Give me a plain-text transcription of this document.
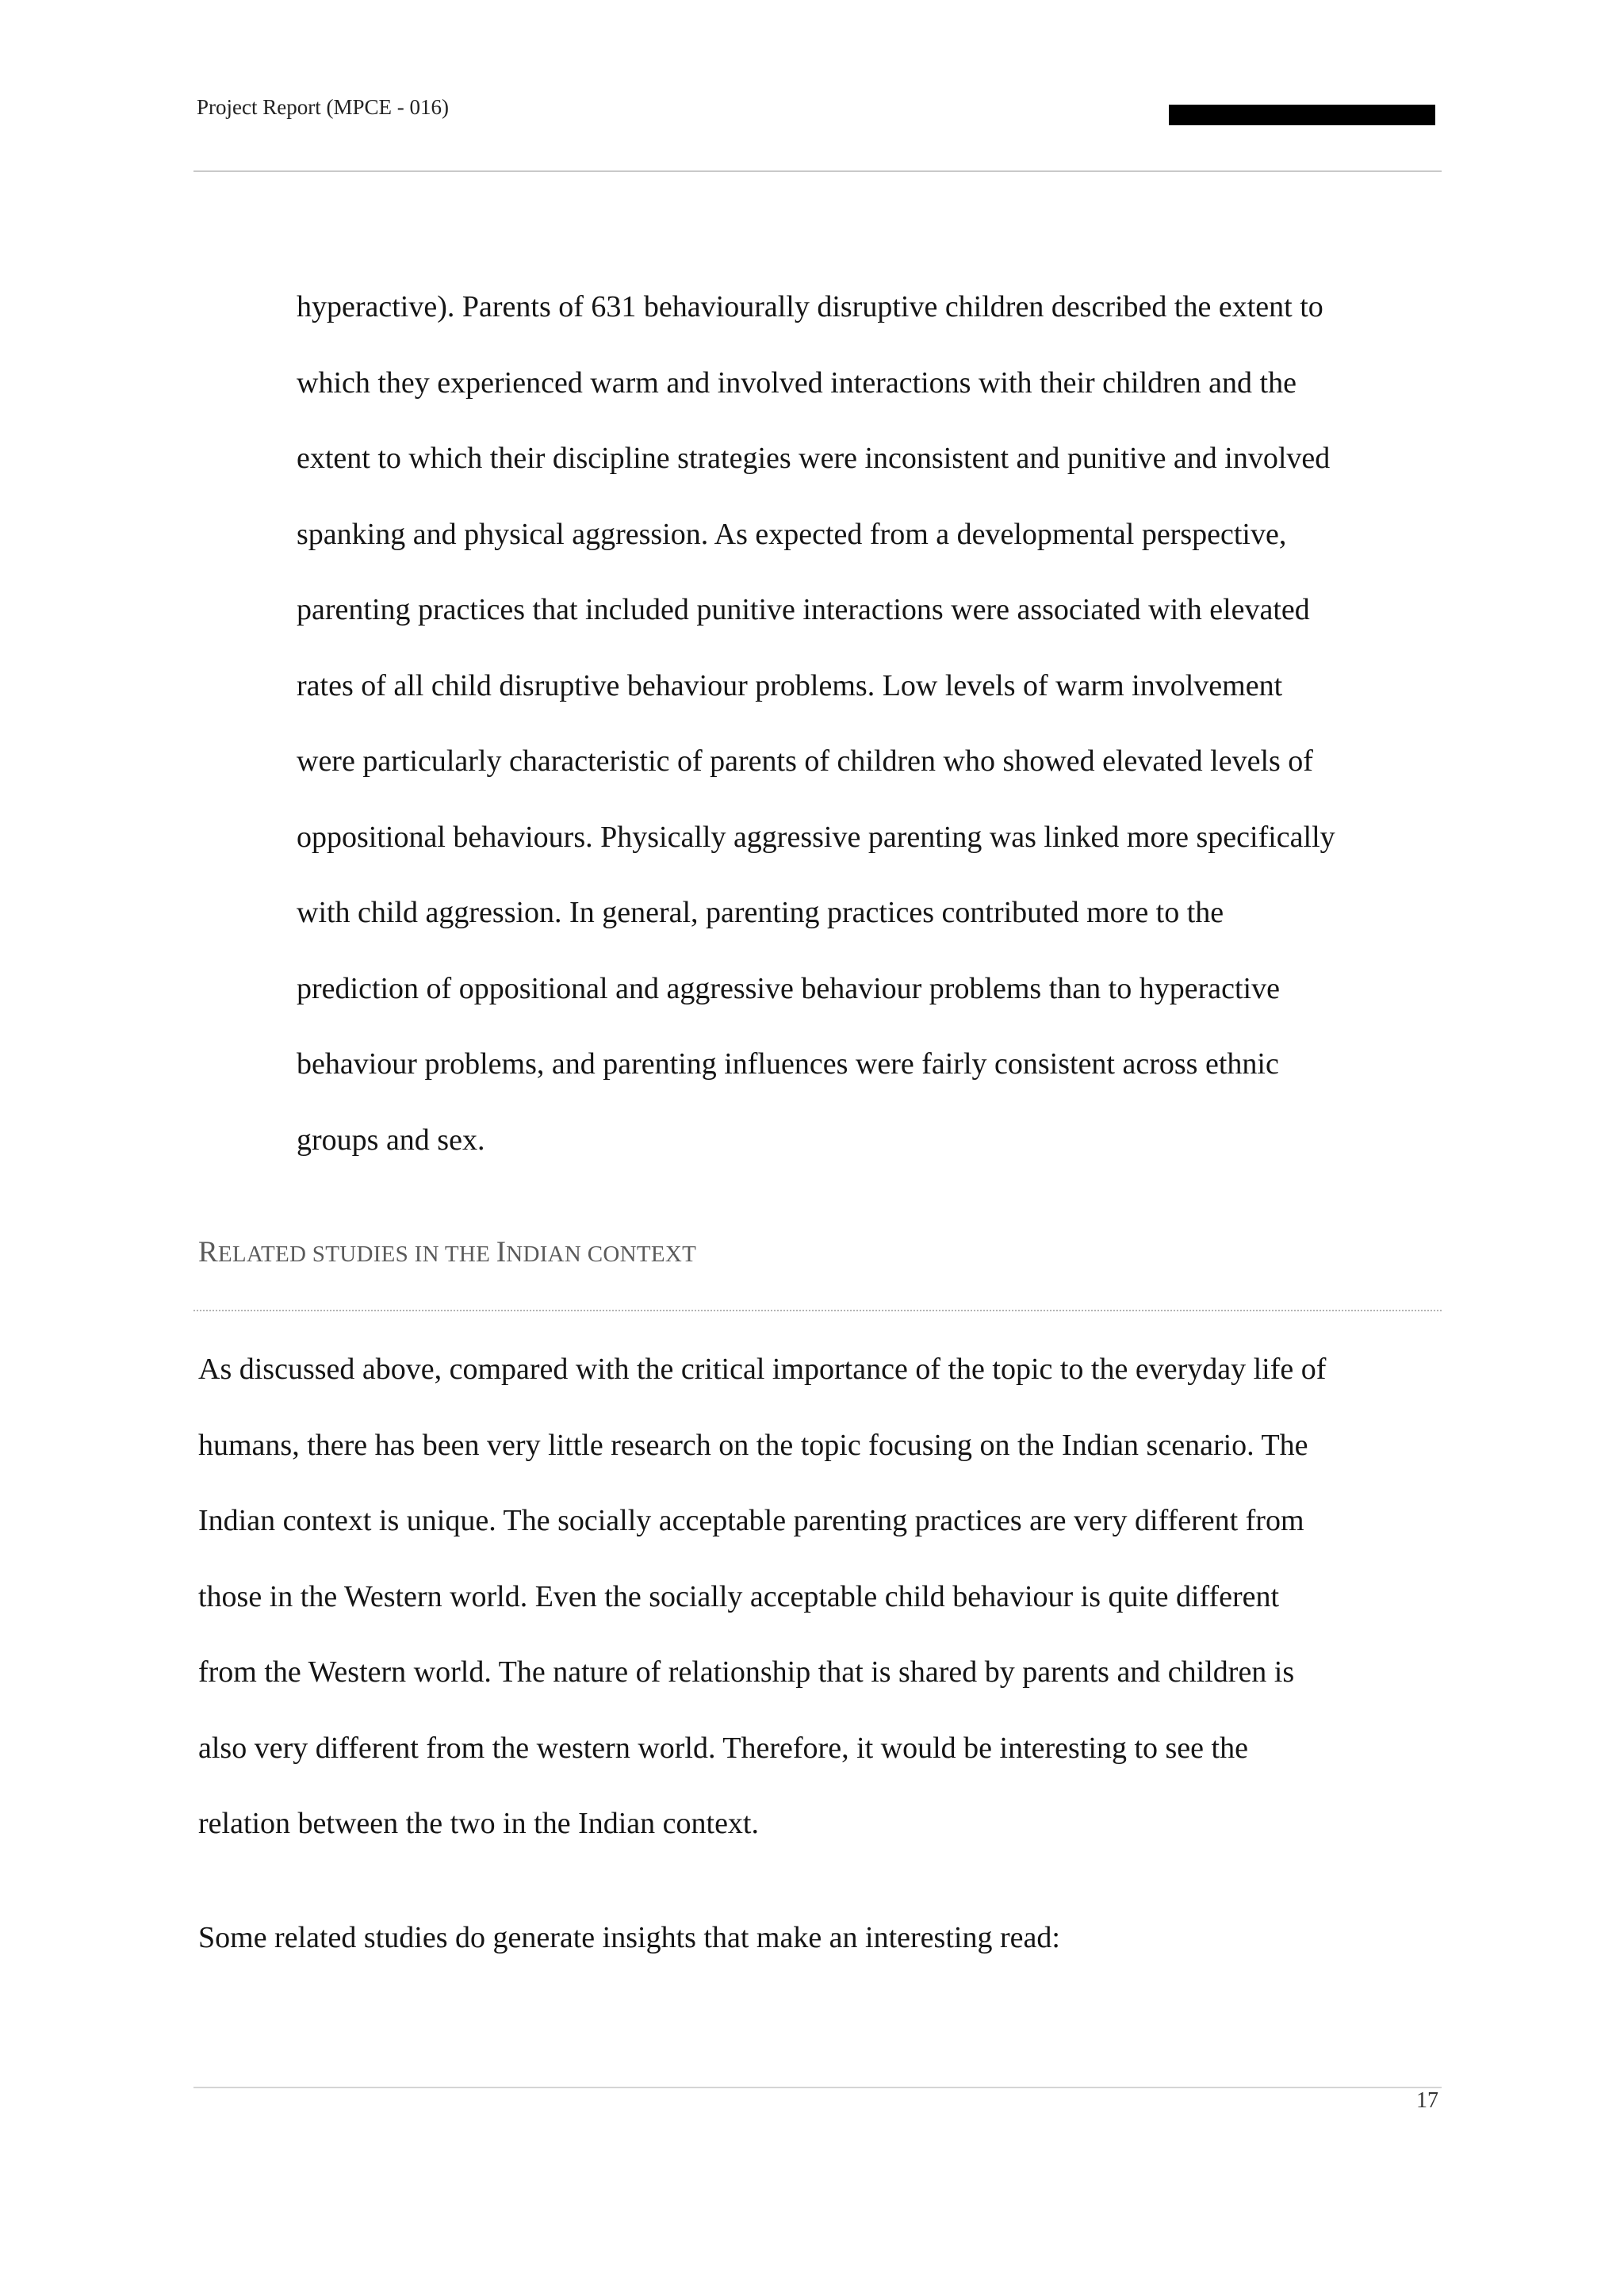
Project Report (MPCE - 016)
hyperactive). Parents of 631 behaviourally disruptive children described the extent to
which they experienced warm and involved interactions with their children and the
extent to which their discipline strategies were inconsistent and punitive and involved
spanking and physical aggression. As expected from a developmental perspective,
parenting practices that included punitive interactions were associated with elevated
rates of all child disruptive behaviour problems. Low levels of warm involvement
were particularly characteristic of parents of children who showed elevated levels of
oppositional behaviours. Physically aggressive parenting was linked more specifically
with child aggression. In general, parenting practices contributed more to the
prediction of oppositional and aggressive behaviour problems than to hyperactive
behaviour problems, and parenting influences were fairly consistent across ethnic
groups and sex.
RELATED STUDIES IN THE INDIAN CONTEXT
As discussed above, compared with the critical importance of the topic to the everyday life of
humans, there has been very little research on the topic focusing on the Indian scenario. The
Indian context is unique. The socially acceptable parenting practices are very different from
those in the Western world. Even the socially acceptable child behaviour is quite different
from the Western world. The nature of relationship that is shared by parents and children is
also very different from the western world. Therefore, it would be interesting to see the
relation between the two in the Indian context.
Some related studies do generate insights that make an interesting read:
17
